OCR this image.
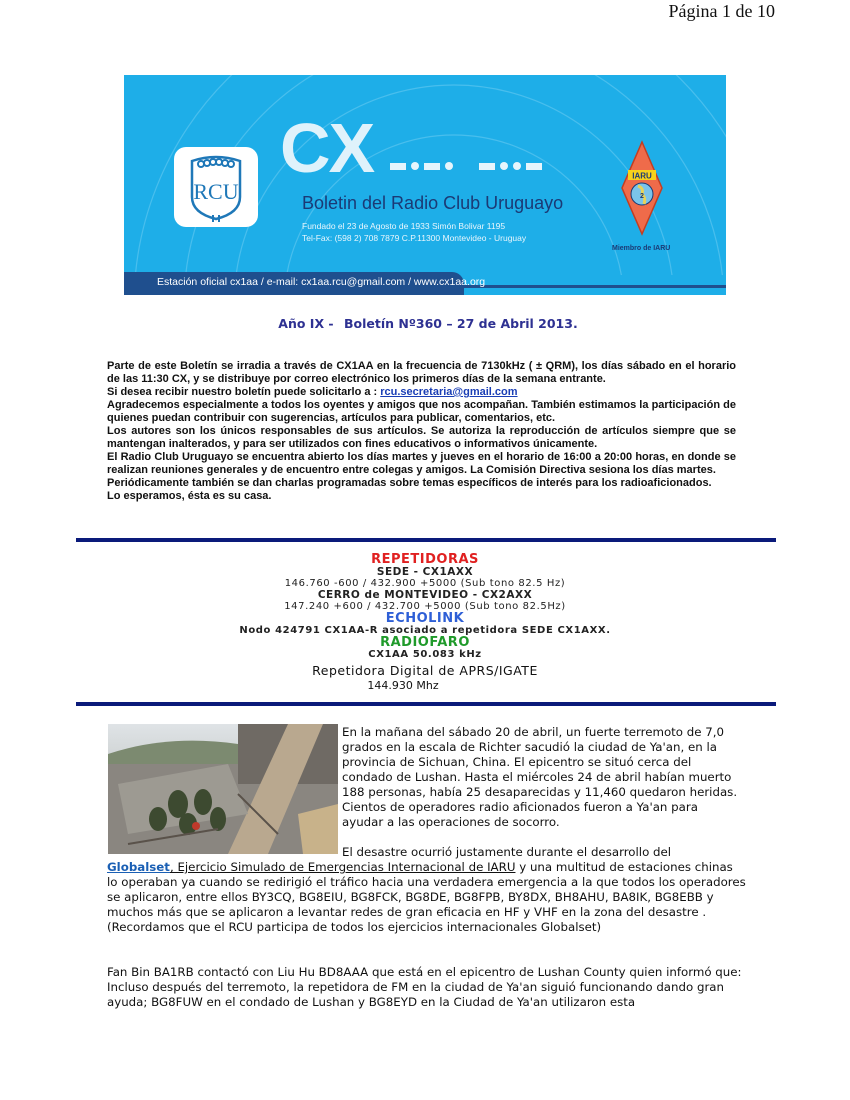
Página 1 de 10
RCU
CX
Boletin del Radio Club Uruguayo
Fundado el 23 de Agosto de 1933 Simón Bolivar 1195
Tel-Fax: (598 2) 708 7879 C.P.11300 Montevideo - Uruguay
IARU
2
Miembro de IARU
Estación oficial cx1aa / e-mail: cx1aa.rcu@gmail.com / www.cx1aa.org
Año IX - Boletín Nº360 – 27 de Abril 2013.

Parte de este Boletín se irradia a través de CX1AA en la frecuencia de 7130kHz ( ± QRM), los días sábado en el horario de las 11:30 CX, y se distribuye por correo electrónico los primeros días de la semana entrante.

Si desea recibir nuestro boletín puede solicitarlo a : rcu.secretaria@gmail.com

Agradecemos especialmente a todos los oyentes y amigos que nos acompañan. También estimamos la participación de quienes puedan contribuir con sugerencias, artículos para publicar, comentarios, etc.

Los autores son los únicos responsables de sus artículos. Se autoriza la reproducción de artículos siempre que se mantengan inalterados, y para ser utilizados con fines educativos o informativos únicamente.

El Radio Club Uruguayo se encuentra abierto los días martes y jueves en el horario de 16:00 a 20:00 horas, en donde se realizan reuniones generales y de encuentro entre colegas y amigos. La Comisión Directiva sesiona los días martes.

Periódicamente también se dan charlas programadas sobre temas específicos de interés para los radioaficionados.

Lo esperamos, ésta es su casa.

REPETIDORAS
SEDE - CX1AXX
146.760 -600 / 432.900 +5000 (Sub tono 82.5 Hz)
CERRO de MONTEVIDEO - CX2AXX
147.240 +600 / 432.700 +5000 (Sub tono 82.5Hz)
ECHOLINK
Nodo 424791 CX1AA-R asociado a repetidora SEDE CX1AXX.
RADIOFARO
CX1AA 50.083 kHz
Repetidora Digital de APRS/IGATE
144.930 Mhz

En la mañana del sábado 20 de abril, un fuerte terremoto de 7,0 grados en la escala de Richter sacudió la ciudad de Ya'an, en la provincia de Sichuan, China. El epicentro se situó cerca del condado de Lushan. Hasta el miércoles 24 de abril habían muerto 188 personas, había 25 desaparecidas y 11,460 quedaron heridas. Cientos de operadores radio aficionados fueron a Ya'an para ayudar a las operaciones de socorro.

El desastre ocurrió justamente durante el desarrollo del
Globalset, Ejercicio Simulado de Emergencias Internacional de IARU y una multitud de estaciones chinas lo operaban ya cuando se redirigió el tráfico hacia una verdadera emergencia a la que todos los operadores se aplicaron, entre ellos BY3CQ, BG8EIU, BG8FCK, BG8DE, BG8FPB, BY8DX, BH8AHU, BA8IK, BG8EBB y muchos más que se aplicaron a levantar redes de gran eficacia en HF y VHF en la zona del desastre .(Recordamos que el RCU participa de todos los ejercicios internacionales Globalset)

Fan Bin BA1RB contactó con Liu Hu BD8AAA que está en el epicentro de Lushan County quien informó que:

Incluso después del terremoto, la repetidora de FM en la ciudad de Ya'an siguió funcionando dando gran ayuda; BG8FUW en el condado de Lushan y BG8EYD en la Ciudad de Ya'an utilizaron esta
